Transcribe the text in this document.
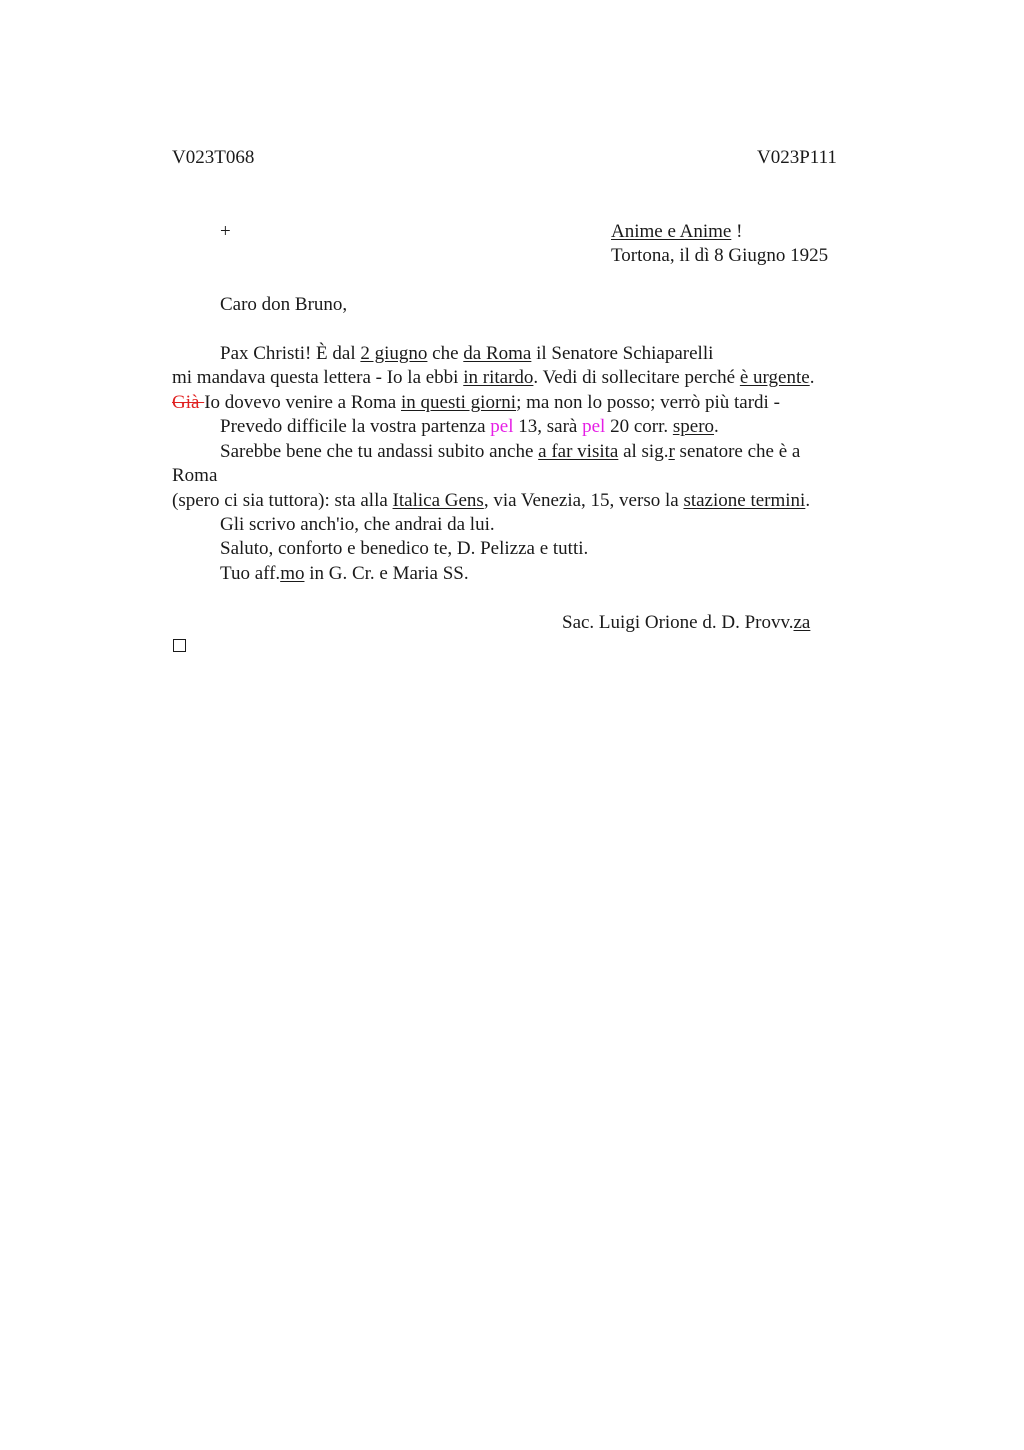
V023T068	V023P111
+	Anime e Anime !
Tortona, il dì 8 Giugno 1925
Caro don Bruno,
Pax Christi! È dal 2 giugno che da Roma il Senatore Schiaparelli
mi mandava questa lettera - Io la ebbi in ritardo. Vedi di sollecitare perché è urgente.
Già Io dovevo venire a Roma in questi giorni; ma non lo posso; verrò più tardi -
Prevedo difficile la vostra partenza pel 13, sarà pel 20 corr. spero.
Sarebbe bene che tu andassi subito anche a far visita al sig.r senatore che è a
Roma
(spero ci sia tuttora): sta alla Italica Gens, via Venezia, 15, verso la stazione termini.
Gli scrivo anch'io, che andrai da lui.
Saluto, conforto e benedico te, D. Pelizza e tutti.
Tuo aff.mo in G. Cr. e Maria SS.
Sac. Luigi Orione d. D. Provv.za
